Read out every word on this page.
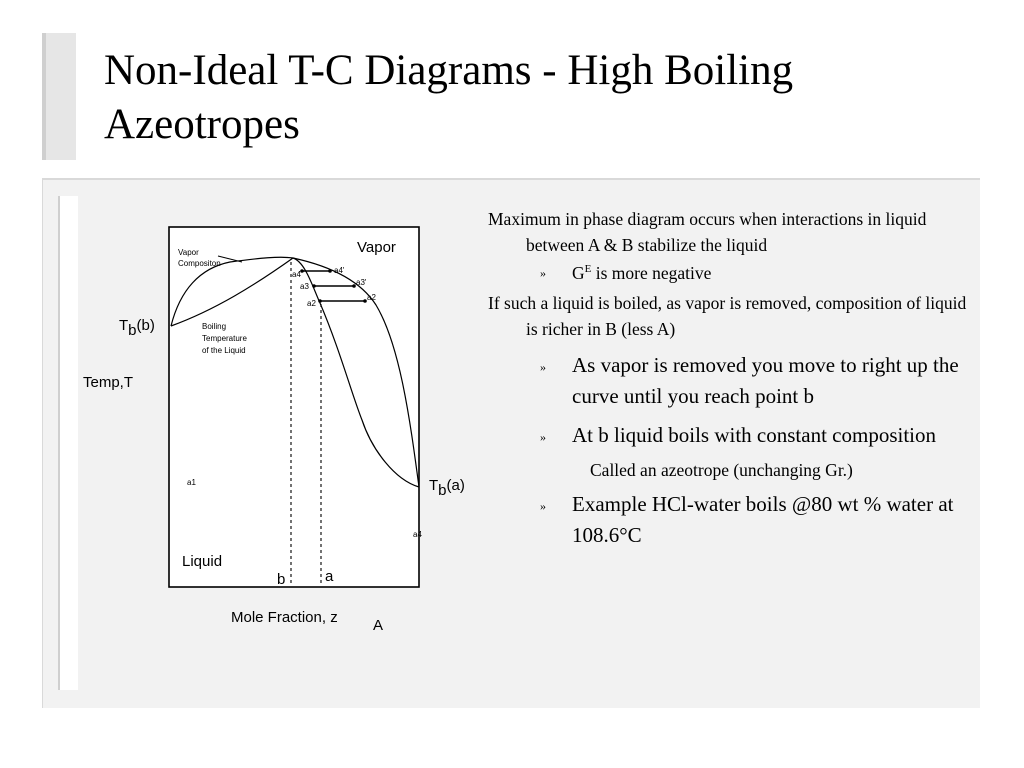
Non-Ideal T-C Diagrams - High Boiling
Azeotropes
Vapor
Liquid
Vapor
Compositon
Boiling
Temperature
of the Liquid
a4	a4'
a3	a3'
a2
a2
a1
a4
Tb(b)
Tb(a)
Temp,T
b	a
Mole Fraction, z A
Maximum in phase diagram occurs when interactions in liquid between A & B stabilize the liquid
» $G^E$ is more negative
If such a liquid is boiled, as vapor is removed, composition of liquid is richer in B (less A)
» As vapor is removed you move to right up the curve until you reach point b
» At b liquid boils with constant composition
Called an azeotrope (unchanging Gr.)
» Example HCl-water boils @80 wt % water at 108.6°C
